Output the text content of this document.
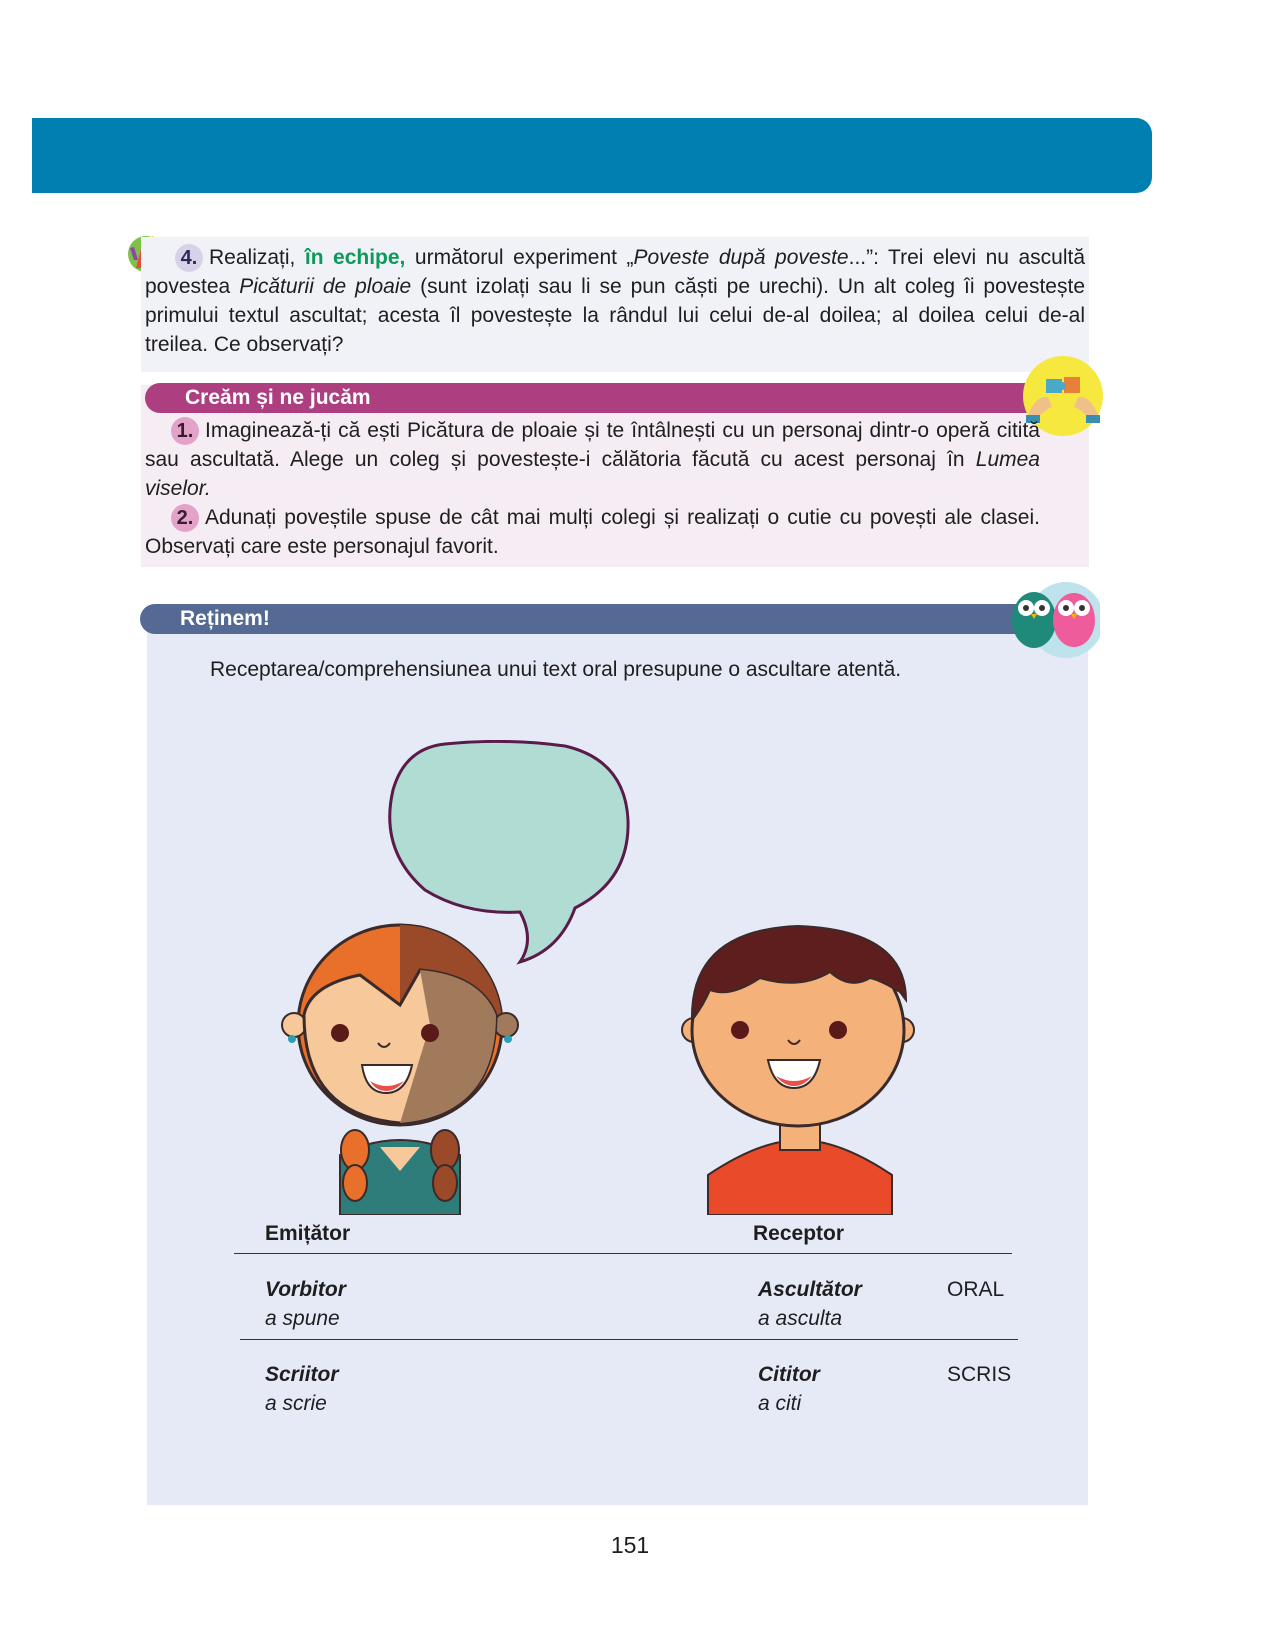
4. Realizați, în echipe, următorul experiment „Poveste după poveste...”: Trei elevi nu ascultă povestea Picăturii de ploaie (sunt izolați sau li se pun căști pe urechi). Un alt coleg îi povestește primului textul ascultat; acesta îl povestește la rândul lui celui de-al doilea; al doilea celui de-al treilea. Ce observați?

Creăm și ne jucăm

1. Imaginează-ți că ești Picătura de ploaie și te întâlnești cu un personaj dintr-o operă citită sau ascultată. Alege un coleg și povestește-i călătoria făcută cu acest personaj în Lumea viselor.

2. Adunați poveștile spuse de cât mai mulți colegi și realizați o cutie cu povești ale clasei. Observați care este personajul favorit.

Reținem!
Receptarea/comprehensiunea unui text oral presupune o ascultare atentă.
Emițător	Receptor
Vorbitor
a spune
Ascultător
a asculta
ORAL
Scriitor
a scrie
Cititor
a citi
SCRIS
151
